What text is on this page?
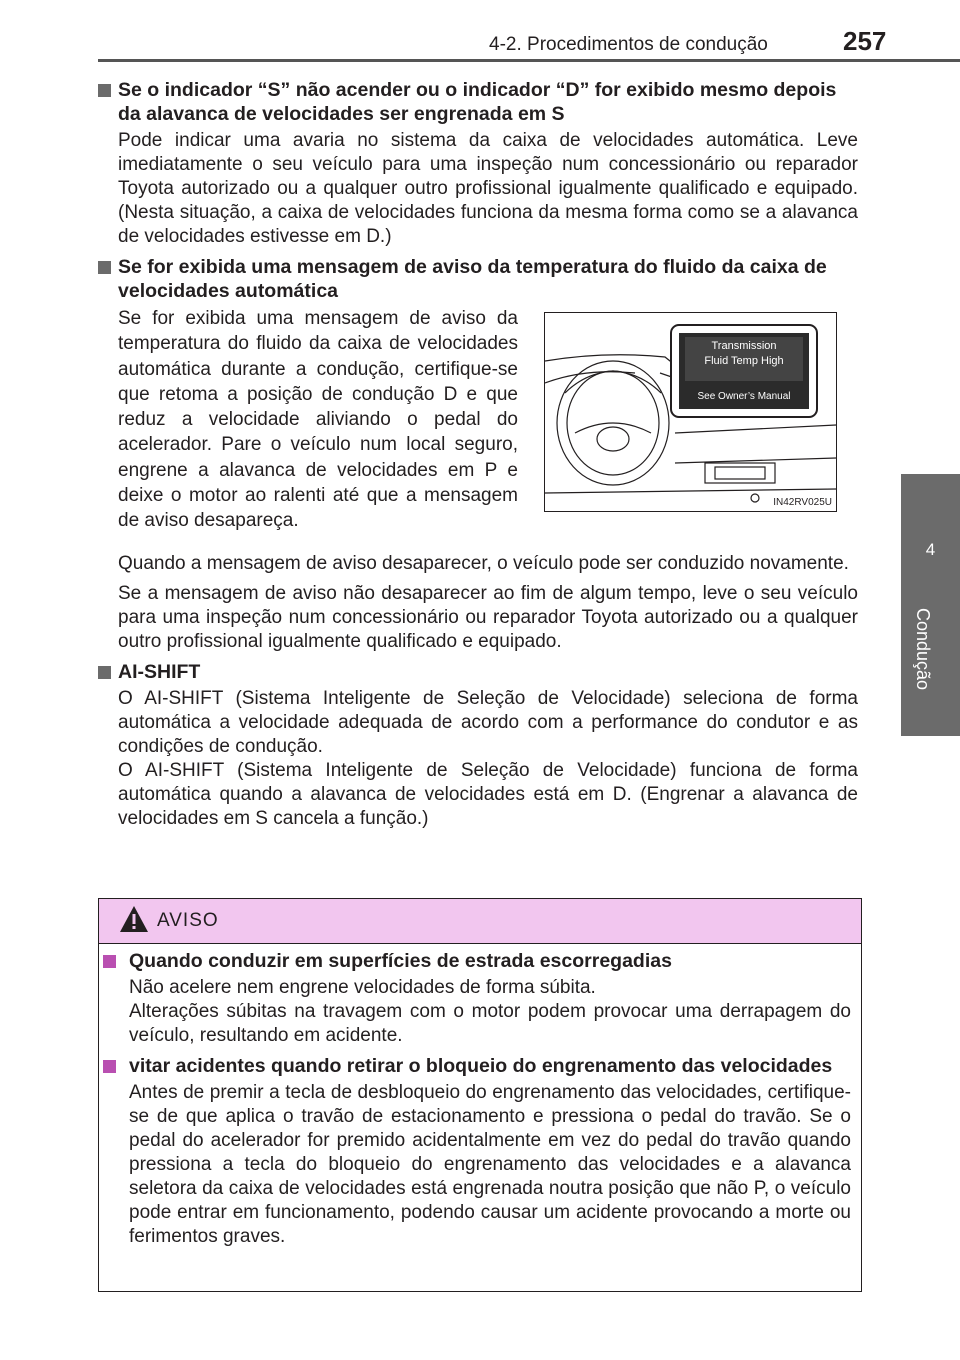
4-2. Procedimentos de condução	257
4
Condução
Se o indicador “S” não acender ou o indicador “D” for exibido mesmo depois da alavanca de velocidades ser engrenada em S
Pode indicar uma avaria no sistema da caixa de velocidades automática. Leve imediatamente o seu veículo para uma inspeção num concessionário ou reparador Toyota autorizado ou a qualquer outro profissional igualmente qualificado e equipado. (Nesta situação, a caixa de velocidades funciona da mesma forma como se a alavanca de velocidades estivesse em D.)
Se for exibida uma mensagem de aviso da temperatura do fluido da caixa de velocidades automática
Se for exibida uma mensagem de aviso da temperatura do fluido da caixa de velocidades automática durante a condução, certifique-se que retoma a posição de condução D e que reduz a velocidade aliviando o pedal do acelerador. Pare o veículo num local seguro, engrene a alavanca de velocidades em P e deixe o motor ao ralenti até que a mensagem de aviso desapareça.
Transmission
Fluid Temp High
See Owner’s Manual
IN42RV025U
Quando a mensagem de aviso desaparecer, o veículo pode ser conduzido novamente.
Se a mensagem de aviso não desaparecer ao fim de algum tempo, leve o seu veículo para uma inspeção num concessionário ou reparador Toyota autorizado ou a qualquer outro profissional igualmente qualificado e equipado.
AI-SHIFT
O AI-SHIFT (Sistema Inteligente de Seleção de Velocidade) seleciona de forma automática a velocidade adequada de acordo com a performance do condutor e as condições de condução.
O AI-SHIFT (Sistema Inteligente de Seleção de Velocidade) funciona de forma automática quando a alavanca de velocidades está em D. (Engrenar a alavanca de velocidades em S cancela a função.)
AVISO
Quando conduzir em superfícies de estrada escorregadias
Não acelere nem engrene velocidades de forma súbita.
Alterações súbitas na travagem com o motor podem provocar uma derrapagem do veículo, resultando em acidente.
vitar acidentes quando retirar o bloqueio do engrenamento das velocidades
Antes de premir a tecla de desbloqueio do engrenamento das velocidades, certifique-se de que aplica o travão de estacionamento e pressiona o pedal do travão. Se o pedal do acelerador for premido acidentalmente em vez do pedal do travão quando pressiona a tecla do bloqueio do engrenamento das velocidades e a alavanca seletora da caixa de velocidades está engrenada noutra posição que não P, o veículo pode entrar em funcionamento, podendo causar um acidente provocando a morte ou ferimentos graves.
